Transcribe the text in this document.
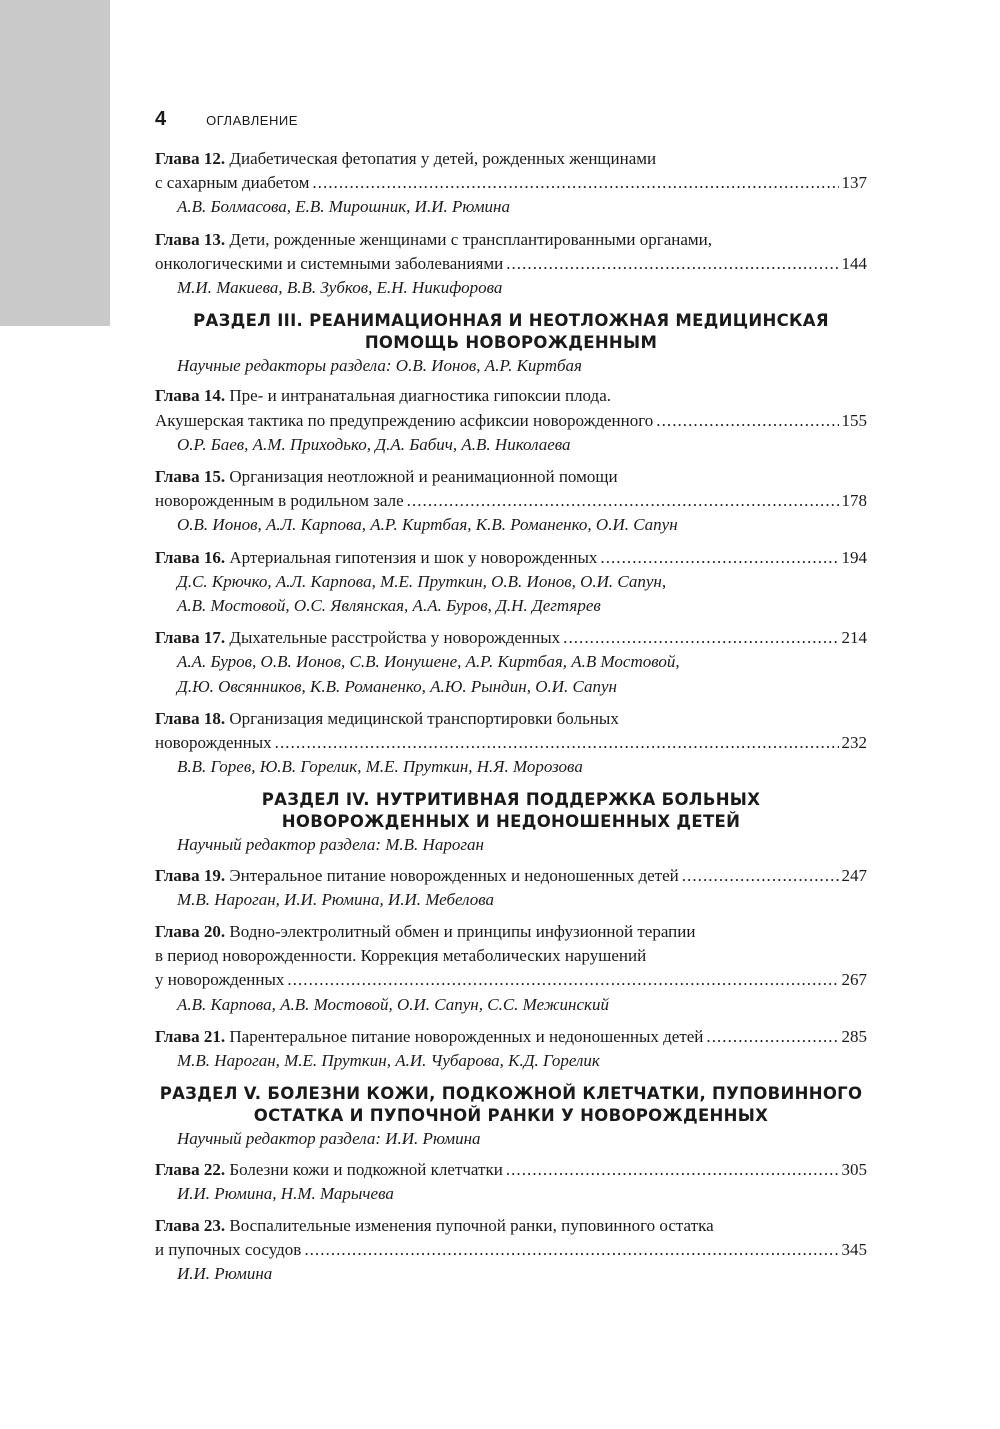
4	ОГЛАВЛЕНИЕ
Глава 12. Диабетическая фетопатия у детей, рожденных женщинами
с сахарным диабетом . . .	137
А.В. Болмасова, Е.В. Мирошник, И.И. Рюмина
Глава 13. Дети, рожденные женщинами с трансплантированными органами,
онкологическими и системными заболеваниями . . .	144
М.И. Макиева, В.В. Зубков, Е.Н. Никифорова
РАЗДЕЛ III. РЕАНИМАЦИОННАЯ И НЕОТЛОЖНАЯ МЕДИЦИНСКАЯ
ПОМОЩЬ НОВОРОЖДЕННЫМ
Научные редакторы раздела: О.В. Ионов, А.Р. Киртбая
Глава 14. Пре- и интранатальная диагностика гипоксии плода.
Акушерская тактика по предупреждению асфиксии новорожденного . . .	155
О.Р. Баев, А.М. Приходько, Д.А. Бабич, А.В. Николаева
Глава 15. Организация неотложной и реанимационной помощи
новорожденным в родильном зале . . .	178
О.В. Ионов, А.Л. Карпова, А.Р. Киртбая, К.В. Романенко, О.И. Сапун
Глава 16. Артериальная гипотензия и шок у новорожденных . . .	194
Д.С. Крючко, А.Л. Карпова, М.Е. Пруткин, О.В. Ионов, О.И. Сапун,
А.В. Мостовой, О.С. Являнская, А.А. Буров, Д.Н. Дегтярев
Глава 17. Дыхательные расстройства у новорожденных . . .	214
А.А. Буров, О.В. Ионов, С.В. Ионушене, А.Р. Киртбая, А.В Мостовой,
Д.Ю. Овсянников, К.В. Романенко, А.Ю. Рындин, О.И. Сапун
Глава 18. Организация медицинской транспортировки больных
новорожденных . . .	232
В.В. Горев, Ю.В. Горелик, М.Е. Пруткин, Н.Я. Морозова
РАЗДЕЛ IV. НУТРИТИВНАЯ ПОДДЕРЖКА БОЛЬНЫХ
НОВОРОЖДЕННЫХ И НЕДОНОШЕННЫХ ДЕТЕЙ
Научный редактор раздела: М.В. Нароган
Глава 19. Энтеральное питание новорожденных и недоношенных детей . . .	247
М.В. Нароган, И.И. Рюмина, И.И. Мебелова
Глава 20. Водно-электролитный обмен и принципы инфузионной терапии
в период новорожденности. Коррекция метаболических нарушений
у новорожденных . . .	267
А.В. Карпова, А.В. Мостовой, О.И. Сапун, С.С. Межинский
Глава 21. Парентеральное питание новорожденных и недоношенных детей . . .	285
М.В. Нароган, М.Е. Пруткин, А.И. Чубарова, К.Д. Горелик
РАЗДЕЛ V. БОЛЕЗНИ КОЖИ, ПОДКОЖНОЙ КЛЕТЧАТКИ, ПУПОВИННОГО
ОСТАТКА И ПУПОЧНОЙ РАНКИ У НОВОРОЖДЕННЫХ
Научный редактор раздела: И.И. Рюмина
Глава 22. Болезни кожи и подкожной клетчатки . . .	305
И.И. Рюмина, Н.М. Марычева
Глава 23. Воспалительные изменения пупочной ранки, пуповинного остатка
и пупочных сосудов . . .	345
И.И. Рюмина
